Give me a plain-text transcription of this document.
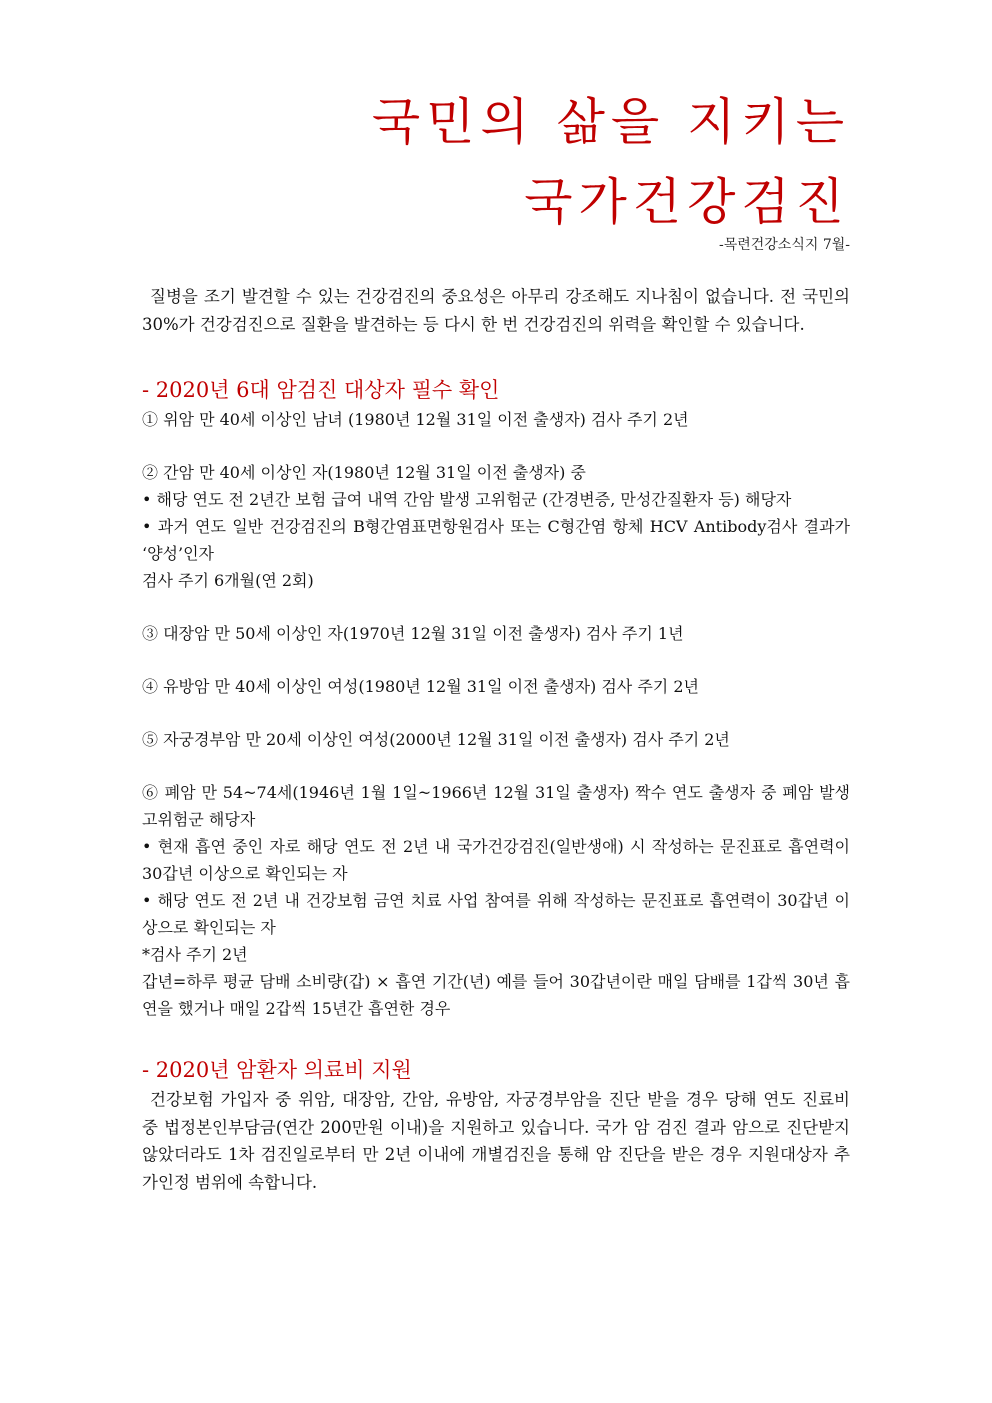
국민의 삶을 지키는
국가건강검진
-목련건강소식지 7월-

질병을 조기 발견할 수 있는 건강검진의 중요성은 아무리 강조해도 지나침이 없습니다. 전 국민의 30%가 건강검진으로 질환을 발견하는 등 다시 한 번 건강검진의 위력을 확인할 수 있습니다.

- 2020년 6대 암검진 대상자 필수 확인

① 위암 만 40세 이상인 남녀 (1980년 12월 31일 이전 출생자) 검사 주기 2년

② 간암 만 40세 이상인 자(1980년 12월 31일 이전 출생자) 중

• 해당 연도 전 2년간 보험 급여 내역 간암 발생 고위험군 (간경변증, 만성간질환자 등) 해당자

• 과거 연도 일반 건강검진의 B형간염표면항원검사 또는 C형간염 항체 HCV Antibody검사 결과가 ‘양성’인자

검사 주기 6개월(연 2회)

③ 대장암 만 50세 이상인 자(1970년 12월 31일 이전 출생자) 검사 주기 1년

④ 유방암 만 40세 이상인 여성(1980년 12월 31일 이전 출생자) 검사 주기 2년

⑤ 자궁경부암 만 20세 이상인 여성(2000년 12월 31일 이전 출생자) 검사 주기 2년

⑥ 폐암 만 54~74세(1946년 1월 1일~1966년 12월 31일 출생자) 짝수 연도 출생자 중 폐암 발생 고위험군 해당자

• 현재 흡연 중인 자로 해당 연도 전 2년 내 국가건강검진(일반생애) 시 작성하는 문진표로 흡연력이 30갑년 이상으로 확인되는 자

• 해당 연도 전 2년 내 건강보험 금연 치료 사업 참여를 위해 작성하는 문진표로 흡연력이 30갑년 이상으로 확인되는 자

*검사 주기 2년

갑년=하루 평균 담배 소비량(갑) × 흡연 기간(년) 예를 들어 30갑년이란 매일 담배를 1갑씩 30년 흡연을 했거나 매일 2갑씩 15년간 흡연한 경우

- 2020년 암환자 의료비 지원

건강보험 가입자 중 위암, 대장암, 간암, 유방암, 자궁경부암을 진단 받을 경우 당해 연도 진료비 중 법정본인부담금(연간 200만원 이내)을 지원하고 있습니다. 국가 암 검진 결과 암으로 진단받지 않았더라도 1차 검진일로부터 만 2년 이내에 개별검진을 통해 암 진단을 받은 경우 지원대상자 추가인정 범위에 속합니다.
